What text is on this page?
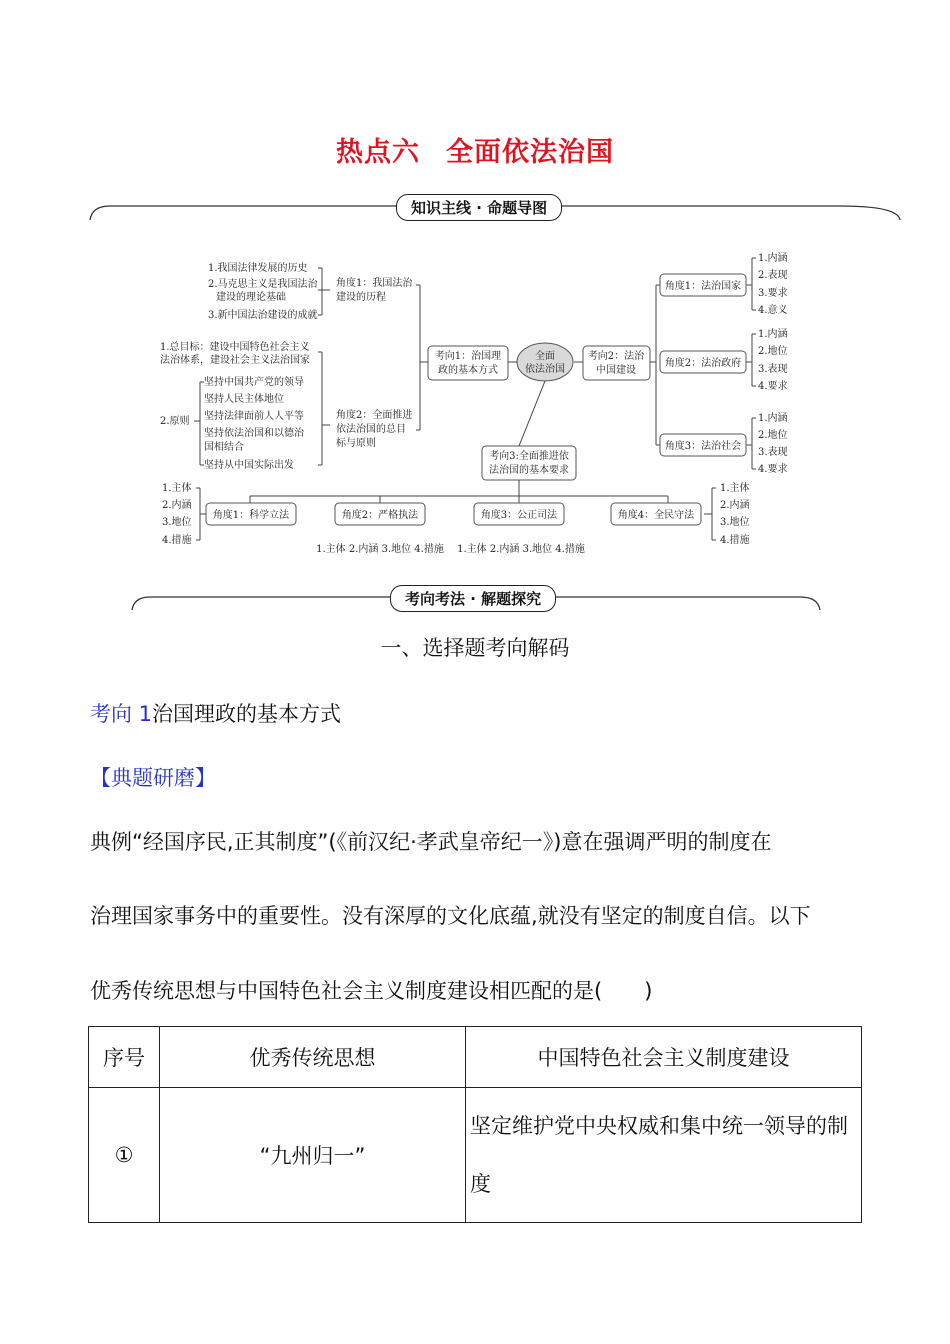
热点六 全面依法治国
全面
依法治国
考向1：治国理
政的基本方式
考向2：法治
中国建设
考向3:全面推进依
法治国的基本要求
角度1：我国法治
建设的历程
1.我国法律发展的历史
2.马克思主义是我国法治
建设的理论基础
3.新中国法治建设的成就
角度2：全面推进
依法治国的总目
标与原则
1.总目标：建设中国特色社会主义
法治体系，建设社会主义法治国家
2.原则
坚持中国共产党的领导
坚持人民主体地位
坚持法律面前人人平等
坚持依法治国和以德治
国相结合
坚持从中国实际出发
角度1：法治国家
角度2：法治政府
角度3：法治社会
1.内涵
2.表现
3.要求
4.意义
1.内涵
2.地位
3.表现
4.要求
1.内涵
2.地位
3.表现
4.要求
角度1：科学立法	角度2：严格执法	角度3：公正司法	角度4：全民守法
1.主体
2.内涵
3.地位
4.措施
1.主体
2.内涵
3.地位
4.措施
1.主体 2.内涵 3.地位 4.措施 1.主体 2.内涵 3.地位 4.措施
知识主线 · 命题导图
考向考法 · 解题探究
一、选择题考向解码
考向 1治国理政的基本方式
【典题研磨】
典例“经国序民,正其制度”(《前汉纪·孝武皇帝纪一》)意在强调严明的制度在
治理国家事务中的重要性。没有深厚的文化底蕴,就没有坚定的制度自信。以下
优秀传统思想与中国特色社会主义制度建设相匹配的是(　　)
序号	优秀传统思想	中国特色社会主义制度建设
①	“九州归一”	坚定维护党中央权威和集中统一领导的制度
